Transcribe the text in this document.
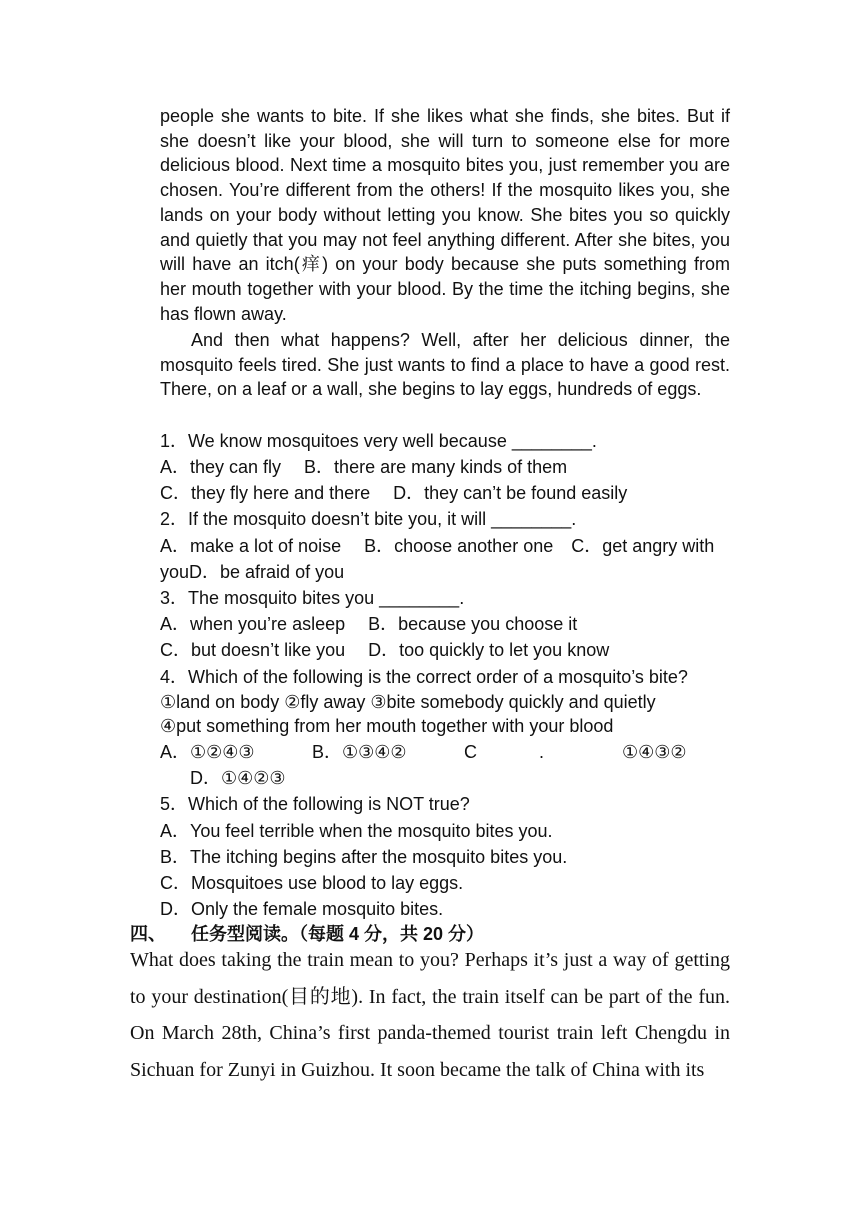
people she wants to bite. If she likes what she finds, she bites. But if she doesn’t like your blood, she will turn to someone else for more delicious blood. Next time a mosquito bites you, just remember you are chosen. You’re different from the others! If the mosquito likes you, she lands on your body without letting you know. She bites you so quickly and quietly that you may not feel anything different. After she bites, you will have an itch(痒) on your body because she puts something from her mouth together with your blood. By the time the itching begins, she has flown away.
And then what happens? Well, after her delicious dinner, the mosquito feels tired. She just wants to find a place to have a good rest. There, on a leaf or a wall, she begins to lay eggs, hundreds of eggs.
1．We know mosquitoes very well because ________.
A．they can fly　 B．there are many kinds of them
C．they fly here and there　 D．they can’t be found easily
2．If the mosquito doesn’t bite you, it will ________.
A．make a lot of noise　 B．choose another one　C．get angry with
youD．be afraid of you
3．The mosquito bites you ________.
A．when you’re asleep　 B．because you choose it
C．but doesn’t like you　 D．too quickly to let you know
4．Which of the following is the correct order of a mosquito’s bite?
①land on body ②fly away ③bite somebody quickly and quietly
④put something from her mouth together with your blood
A．①②④③	B．①③④②	C	.	①④③②
D．①④②③
5．Which of the following is NOT true?
A．You feel terrible when the mosquito bites you.
B．The itching begins after the mosquito bites you.
C．Mosquitoes use blood to lay eggs.
D．Only the female mosquito bites.
四、 任务型阅读。（每题 4 分，共 20 分）
What does taking the train mean to you? Perhaps it’s just a way of getting to your destination(目的地). In fact, the train itself can be part of the fun. On March 28th, China’s first panda-themed tourist train left Chengdu in Sichuan for Zunyi in Guizhou. It soon became the talk of China with its
